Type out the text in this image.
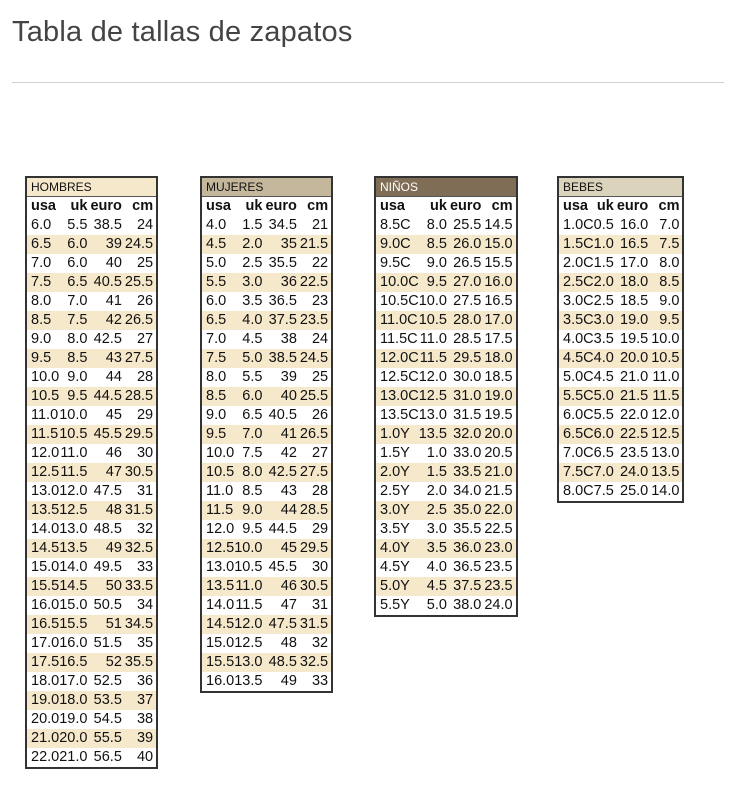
Tabla de tallas de zapatos
HOMBRES			
usa	uk	euro	cm
6.0	5.5	38.5	24
6.5	6.0	39	24.5
7.0	6.0	40	25
7.5	6.5	40.5	25.5
8.0	7.0	41	26
8.5	7.5	42	26.5
9.0	8.0	42.5	27
9.5	8.5	43	27.5
10.0	9.0	44	28
10.5	9.5	44.5	28.5
11.0	10.0	45	29
11.5	10.5	45.5	29.5
12.0	11.0	46	30
12.5	11.5	47	30.5
13.0	12.0	47.5	31
13.5	12.5	48	31.5
14.0	13.0	48.5	32
14.5	13.5	49	32.5
15.0	14.0	49.5	33
15.5	14.5	50	33.5
16.0	15.0	50.5	34
16.5	15.5	51	34.5
17.0	16.0	51.5	35
17.5	16.5	52	35.5
18.0	17.0	52.5	36
19.0	18.0	53.5	37
20.0	19.0	54.5	38
21.0	20.0	55.5	39
22.0	21.0	56.5	40
MUJERES			
usa	uk	euro	cm
4.0	1.5	34.5	21
4.5	2.0	35	21.5
5.0	2.5	35.5	22
5.5	3.0	36	22.5
6.0	3.5	36.5	23
6.5	4.0	37.5	23.5
7.0	4.5	38	24
7.5	5.0	38.5	24.5
8.0	5.5	39	25
8.5	6.0	40	25.5
9.0	6.5	40.5	26
9.5	7.0	41	26.5
10.0	7.5	42	27
10.5	8.0	42.5	27.5
11.0	8.5	43	28
11.5	9.0	44	28.5
12.0	9.5	44.5	29
12.5	10.0	45	29.5
13.0	10.5	45.5	30
13.5	11.0	46	30.5
14.0	11.5	47	31
14.5	12.0	47.5	31.5
15.0	12.5	48	32
15.5	13.0	48.5	32.5
16.0	13.5	49	33
NIÑOS			
usa	uk	euro	cm
8.5C	8.0	25.5	14.5
9.0C	8.5	26.0	15.0
9.5C	9.0	26.5	15.5
10.0C	9.5	27.0	16.0
10.5C	10.0	27.5	16.5
11.0C	10.5	28.0	17.0
11.5C	11.0	28.5	17.5
12.0C	11.5	29.5	18.0
12.5C	12.0	30.0	18.5
13.0C	12.5	31.0	19.0
13.5C	13.0	31.5	19.5
1.0Y	13.5	32.0	20.0
1.5Y	1.0	33.0	20.5
2.0Y	1.5	33.5	21.0
2.5Y	2.0	34.0	21.5
3.0Y	2.5	35.0	22.0
3.5Y	3.0	35.5	22.5
4.0Y	3.5	36.0	23.0
4.5Y	4.0	36.5	23.5
5.0Y	4.5	37.5	23.5
5.5Y	5.0	38.0	24.0
BEBES			
usa	uk	euro	cm
1.0C	0.5	16.0	7.0
1.5C	1.0	16.5	7.5
2.0C	1.5	17.0	8.0
2.5C	2.0	18.0	8.5
3.0C	2.5	18.5	9.0
3.5C	3.0	19.0	9.5
4.0C	3.5	19.5	10.0
4.5C	4.0	20.0	10.5
5.0C	4.5	21.0	11.0
5.5C	5.0	21.5	11.5
6.0C	5.5	22.0	12.0
6.5C	6.0	22.5	12.5
7.0C	6.5	23.5	13.0
7.5C	7.0	24.0	13.5
8.0C	7.5	25.0	14.0
